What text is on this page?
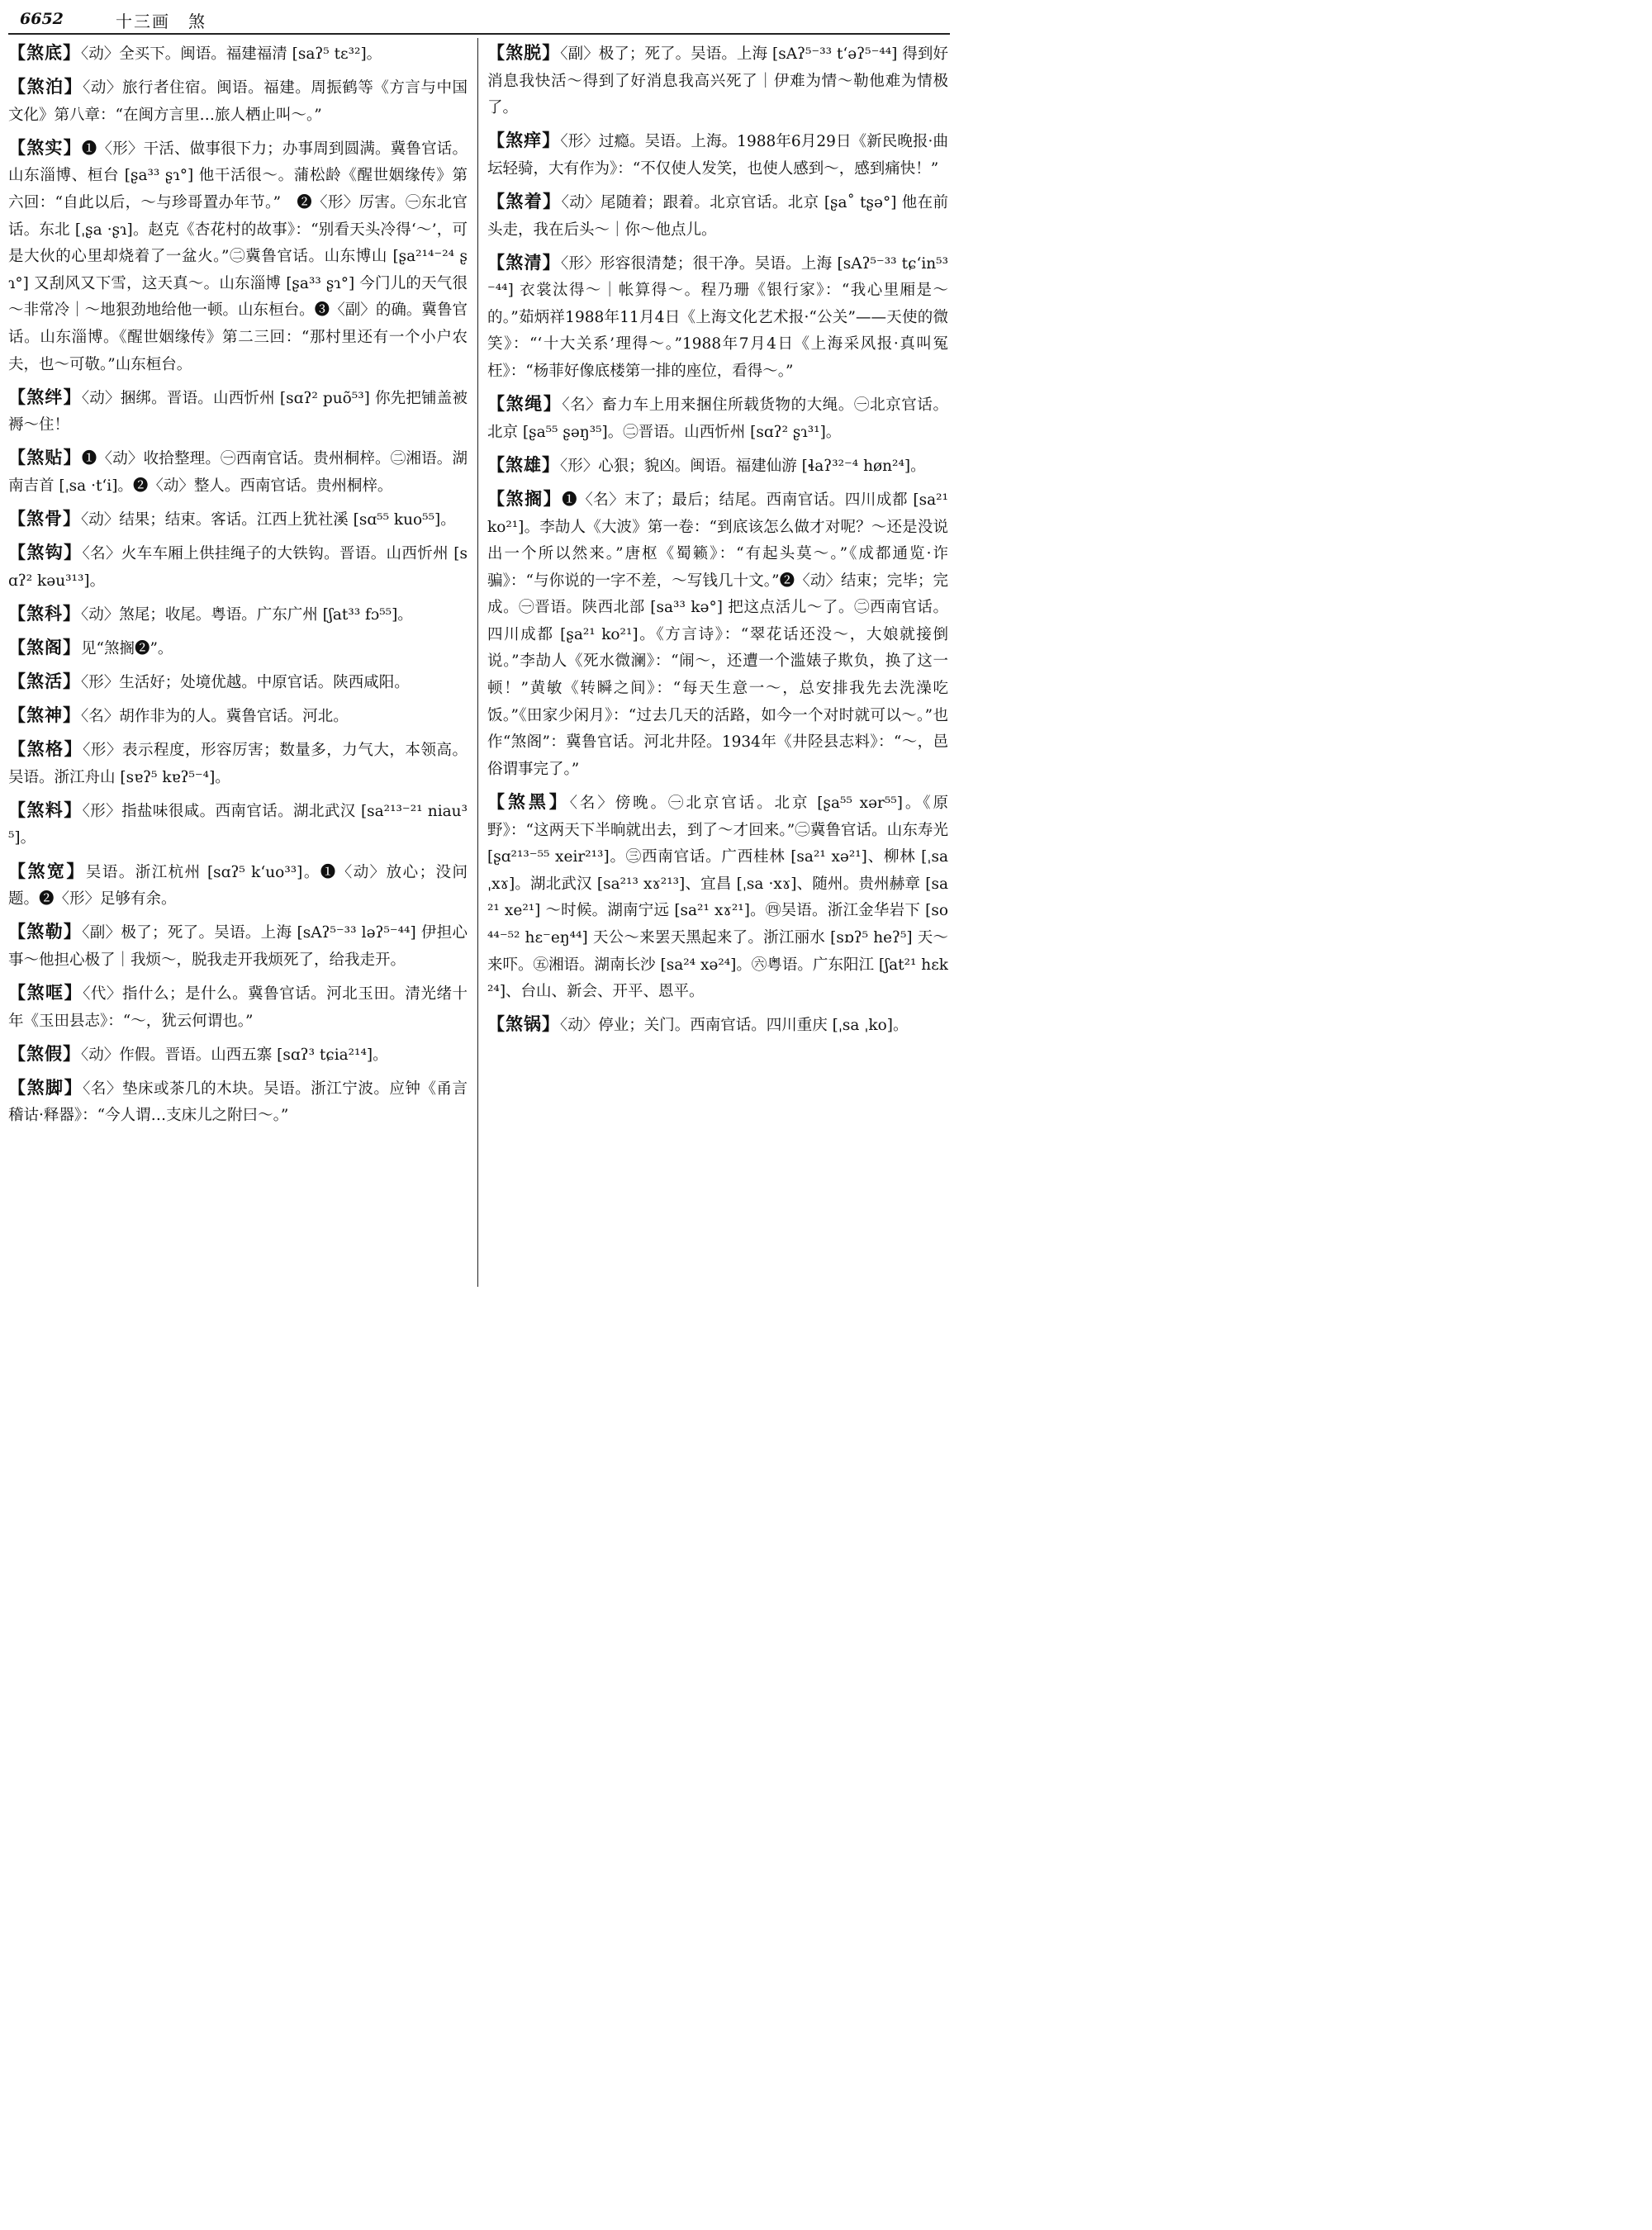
6652	十三画　煞

【煞底】〈动〉全买下。闽语。福建福清 [saʔ⁵ tɛ³²]。

【煞泊】〈动〉旅行者住宿。闽语。福建。周振鹤等《方言与中国文化》第八章：“在闽方言里…旅人栖止叫～。”

【煞实】❶〈形〉干活、做事很下力；办事周到圆满。冀鲁官话。山东淄博、桓台 [ʂa³³ ʂɿ°] 他干活很～。蒲松龄《醒世姻缘传》第六回：“自此以后，～与珍哥置办年节。”　❷〈形〉厉害。㊀东北官话。东北 [ˌʂa ·ʂɿ]。赵克《杏花村的故事》：“别看天头冷得‘～’，可是大伙的心里却烧着了一盆火。”㊁冀鲁官话。山东博山 [ʂa²¹⁴⁻²⁴ ʂɿ°] 又刮风又下雪，这天真～。山东淄博 [ʂa³³ ʂɿ°] 今门儿的天气很～非常冷｜～地狠劲地给他一顿。山东桓台。❸〈副〉的确。冀鲁官话。山东淄博。《醒世姻缘传》第二三回：“那村里还有一个小户农夫，也～可敬。”山东桓台。

【煞绊】〈动〉捆绑。晋语。山西忻州 [sɑʔ² puõ⁵³] 你先把铺盖被褥～住！

【煞贴】❶〈动〉收拾整理。㊀西南官话。贵州桐梓。㊁湘语。湖南吉首 [ˌsa ·tʻi]。❷〈动〉整人。西南官话。贵州桐梓。

【煞骨】〈动〉结果；结束。客话。江西上犹社溪 [sɑ⁵⁵ kuo⁵⁵]。

【煞钩】〈名〉火车车厢上供挂绳子的大铁钩。晋语。山西忻州 [sɑʔ² kəu³¹³]。

【煞科】〈动〉煞尾；收尾。粤语。广东广州 [ʃat³³ fɔ⁵⁵]。

【煞阁】见“煞搁❷”。

【煞活】〈形〉生活好；处境优越。中原官话。陕西咸阳。

【煞神】〈名〉胡作非为的人。冀鲁官话。河北。

【煞格】〈形〉表示程度，形容厉害；数量多，力气大，本领高。吴语。浙江舟山 [sɐʔ⁵ kɐʔ⁵⁻⁴]。

【煞料】〈形〉指盐味很咸。西南官话。湖北武汉 [sa²¹³⁻²¹ niau³⁵]。

【煞宽】吴语。浙江杭州 [sɑʔ⁵ kʻuo³³]。❶〈动〉放心；没问题。❷〈形〉足够有余。

【煞勒】〈副〉极了；死了。吴语。上海 [sAʔ⁵⁻³³ ləʔ⁵⁻⁴⁴] 伊担心事～他担心极了｜我烦～，脱我走开我烦死了，给我走开。

【煞哐】〈代〉指什么；是什么。冀鲁官话。河北玉田。清光绪十年《玉田县志》：“～，犹云何谓也。”

【煞假】〈动〉作假。晋语。山西五寨 [sɑʔ³ tɕia²¹⁴]。

【煞脚】〈名〉垫床或茶几的木块。吴语。浙江宁波。应钟《甬言稽诂·释器》：“今人谓…支床儿之附曰～。”

【煞脱】〈副〉极了；死了。吴语。上海 [sAʔ⁵⁻³³ tʻəʔ⁵⁻⁴⁴] 得到好消息我快活～得到了好消息我高兴死了｜伊难为情～勒他难为情极了。

【煞痒】〈形〉过瘾。吴语。上海。1988年6月29日《新民晚报·曲坛轻骑，大有作为》：“不仅使人发笑，也使人感到～，感到痛快！”

【煞着】〈动〉尾随着；跟着。北京官话。北京 [ʂa˚ tʂə°] 他在前头走，我在后头～｜你～他点儿。

【煞清】〈形〉形容很清楚；很干净。吴语。上海 [sAʔ⁵⁻³³ tɕʻin⁵³⁻⁴⁴] 衣裳汰得～｜帐算得～。程乃珊《银行家》：“我心里厢是～的。”茹炳祥1988年11月4日《上海文化艺术报·“公关”——天使的微笑》：“‘十大关系’理得～。”1988年7月4日《上海采风报·真叫冤枉》：“杨菲好像底楼第一排的座位，看得～。”

【煞绳】〈名〉畜力车上用来捆住所载货物的大绳。㊀北京官话。北京 [ʂa⁵⁵ ʂəŋ³⁵]。㊁晋语。山西忻州 [sɑʔ² ʂɿ³¹]。

【煞雄】〈形〉心狠；貌凶。闽语。福建仙游 [ɬaʔ³²⁻⁴ høn²⁴]。

【煞搁】❶〈名〉末了；最后；结尾。西南官话。四川成都 [sa²¹ ko²¹]。李劼人《大波》第一卷：“到底该怎么做才对呢？～还是没说出一个所以然来。”唐枢《蜀籁》：“有起头莫～。”《成都通览·诈骗》：“与你说的一字不差，～写钱几十文。”❷〈动〉结束；完毕；完成。㊀晋语。陕西北部 [sa³³ kə°] 把这点活儿～了。㊁西南官话。四川成都 [ʂa²¹ ko²¹]。《方言诗》：“翠花话还没～，大娘就接倒说。”李劼人《死水微澜》：“闹～，还遭一个滥婊子欺负，换了这一顿！”黄敏《转瞬之间》：“每天生意一～，总安排我先去洗澡吃饭。”《田家少闲月》：“过去几天的活路，如今一个对时就可以～。”也作“煞阁”：冀鲁官话。河北井陉。1934年《井陉县志料》：“～，邑俗谓事完了。”

【煞黑】〈名〉傍晚。㊀北京官话。北京 [ʂa⁵⁵ xər⁵⁵]。《原野》：“这两天下半晌就出去，到了～才回来。”㊁冀鲁官话。山东寿光 [ʂɑ²¹³⁻⁵⁵ xeir²¹³]。㊂西南官话。广西桂林 [sa²¹ xə²¹]、柳林 [ˌsa ˌxɤ]。湖北武汉 [sa²¹³ xɤ²¹³]、宜昌 [ˌsa ·xɤ]、随州。贵州赫章 [sa²¹ xe²¹] ～时候。湖南宁远 [sa²¹ xɤ²¹]。㊃吴语。浙江金华岩下 [so⁴⁴⁻⁵² hɛ⁻eŋ⁴⁴] 天公～来罢天黑起来了。浙江丽水 [sɒʔ⁵ heʔ⁵] 天～来吓。㊄湘语。湖南长沙 [sa²⁴ xə²⁴]。㊅粤语。广东阳江 [ʃat²¹ hɛk²⁴]、台山、新会、开平、恩平。

【煞锅】〈动〉停业；关门。西南官话。四川重庆 [ˌsa ˌko]。
